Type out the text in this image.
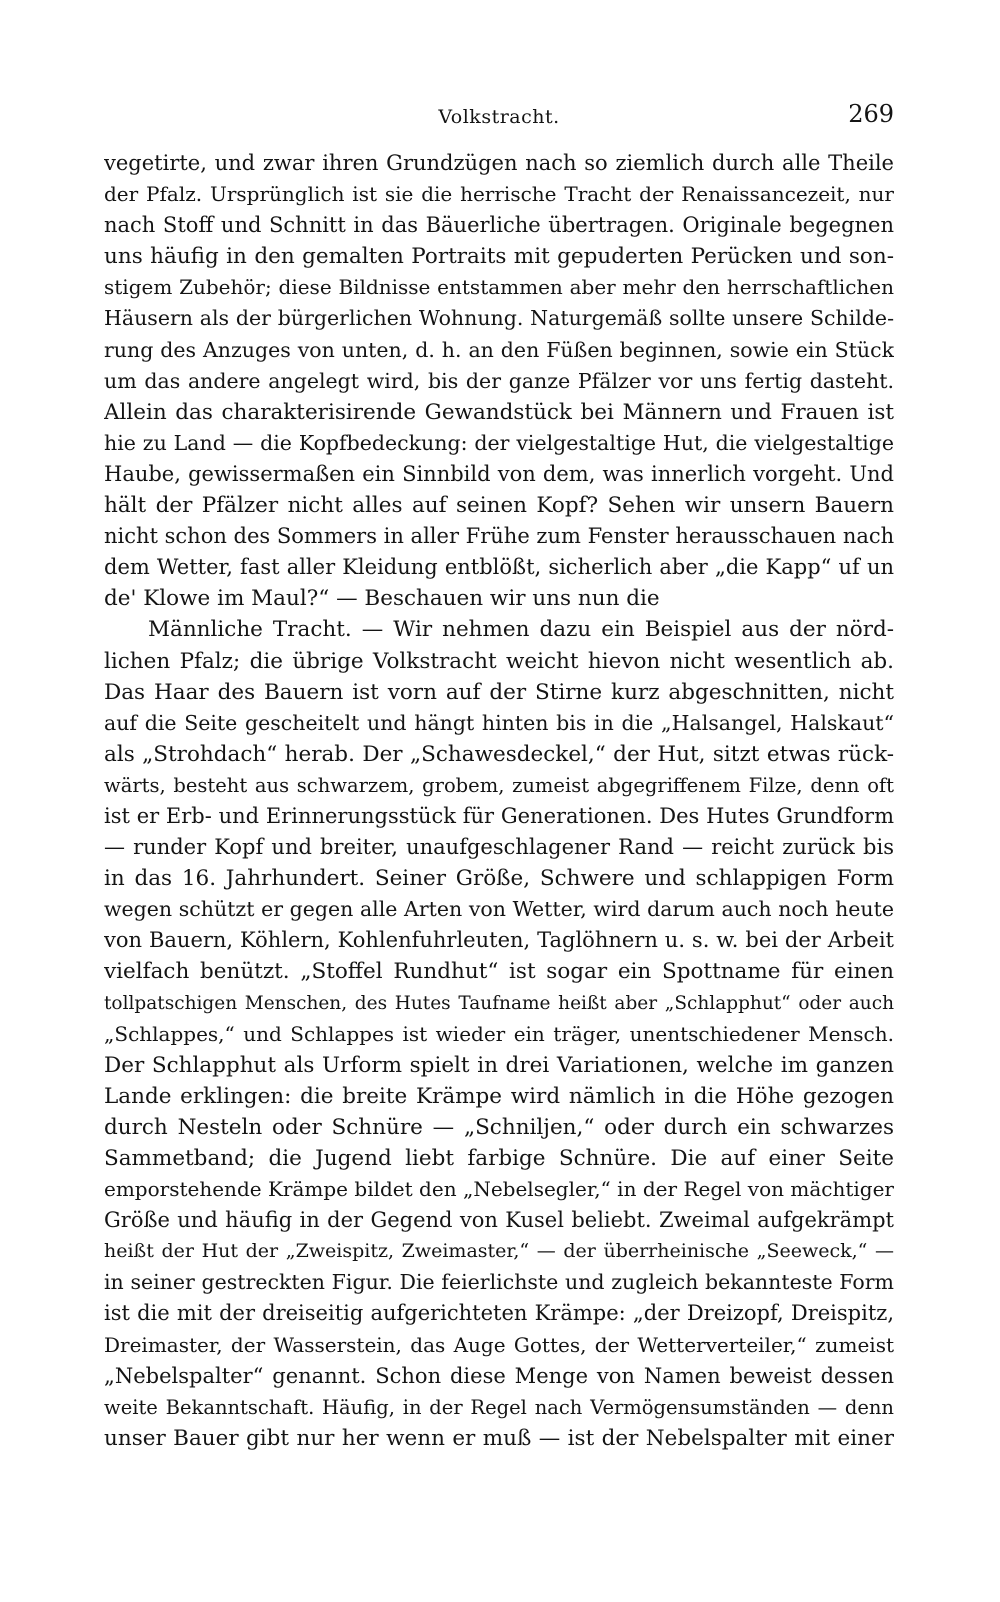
Volkstracht.	269
vegetirte, und zwar ihren Grundzügen nach so ziemlich durch alle Theile
der Pfalz. Ursprünglich ist sie die herrische Tracht der Renaissancezeit, nur
nach Stoff und Schnitt in das Bäuerliche übertragen. Originale begegnen
uns häufig in den gemalten Portraits mit gepuderten Perücken und son-
stigem Zubehör; diese Bildnisse entstammen aber mehr den herrschaftlichen
Häusern als der bürgerlichen Wohnung. Naturgemäß sollte unsere Schilde-
rung des Anzuges von unten, d. h. an den Füßen beginnen, sowie ein Stück
um das andere angelegt wird, bis der ganze Pfälzer vor uns fertig dasteht.
Allein das charakterisirende Gewandstück bei Männern und Frauen ist
hie zu Land — die Kopfbedeckung: der vielgestaltige Hut, die vielgestaltige
Haube, gewissermaßen ein Sinnbild von dem, was innerlich vorgeht. Und
hält der Pfälzer nicht alles auf seinen Kopf? Sehen wir unsern Bauern
nicht schon des Sommers in aller Frühe zum Fenster herausschauen nach
dem Wetter, fast aller Kleidung entblößt, sicherlich aber „die Kapp“ uf un
de' Klowe im Maul?“ — Beschauen wir uns nun die
Männliche Tracht. — Wir nehmen dazu ein Beispiel aus der nörd-
lichen Pfalz; die übrige Volkstracht weicht hievon nicht wesentlich ab.
Das Haar des Bauern ist vorn auf der Stirne kurz abgeschnitten, nicht
auf die Seite gescheitelt und hängt hinten bis in die „Halsangel, Halskaut“
als „Strohdach“ herab. Der „Schawesdeckel,“ der Hut, sitzt etwas rück-
wärts, besteht aus schwarzem, grobem, zumeist abgegriffenem Filze, denn oft
ist er Erb- und Erinnerungsstück für Generationen. Des Hutes Grundform
— runder Kopf und breiter, unaufgeschlagener Rand — reicht zurück bis
in das 16. Jahrhundert. Seiner Größe, Schwere und schlappigen Form
wegen schützt er gegen alle Arten von Wetter, wird darum auch noch heute
von Bauern, Köhlern, Kohlenfuhrleuten, Taglöhnern u. s. w. bei der Arbeit
vielfach benützt. „Stoffel Rundhut“ ist sogar ein Spottname für einen
tollpatschigen Menschen, des Hutes Taufname heißt aber „Schlapphut“ oder auch
„Schlappes,“ und Schlappes ist wieder ein träger, unentschiedener Mensch.
Der Schlapphut als Urform spielt in drei Variationen, welche im ganzen
Lande erklingen: die breite Krämpe wird nämlich in die Höhe gezogen
durch Nesteln oder Schnüre — „Schniljen,“ oder durch ein schwarzes
Sammetband; die Jugend liebt farbige Schnüre. Die auf einer Seite
emporstehende Krämpe bildet den „Nebelsegler,“ in der Regel von mächtiger
Größe und häufig in der Gegend von Kusel beliebt. Zweimal aufgekrämpt
heißt der Hut der „Zweispitz, Zweimaster,“ — der überrheinische „Seeweck,“ —
in seiner gestreckten Figur. Die feierlichste und zugleich bekannteste Form
ist die mit der dreiseitig aufgerichteten Krämpe: „der Dreizopf, Dreispitz,
Dreimaster, der Wasserstein, das Auge Gottes, der Wetterverteiler,“ zumeist
„Nebelspalter“ genannt. Schon diese Menge von Namen beweist dessen
weite Bekanntschaft. Häufig, in der Regel nach Vermögensumständen — denn
unser Bauer gibt nur her wenn er muß — ist der Nebelspalter mit einer
